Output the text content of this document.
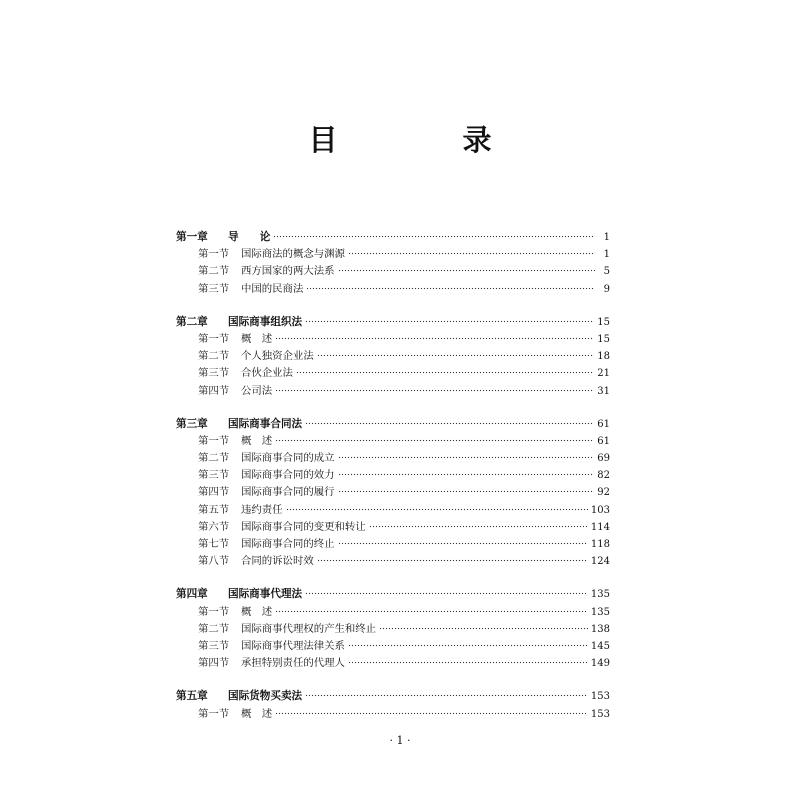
目　录
第一章	导　　论	1
第一节	国际商法的概念与渊源	1
第二节	西方国家的两大法系	5
第三节	中国的民商法	9
第二章	国际商事组织法	15
第一节	概　述	15
第二节	个人独资企业法	18
第三节	合伙企业法	21
第四节	公司法	31
第三章	国际商事合同法	61
第一节	概　述	61
第二节	国际商事合同的成立	69
第三节	国际商事合同的效力	82
第四节	国际商事合同的履行	92
第五节	违约责任	103
第六节	国际商事合同的变更和转让	114
第七节	国际商事合同的终止	118
第八节	合同的诉讼时效	124
第四章	国际商事代理法	135
第一节	概　述	135
第二节	国际商事代理权的产生和终止	138
第三节	国际商事代理法律关系	145
第四节	承担特别责任的代理人	149
第五章	国际货物买卖法	153
第一节	概　述	153
· 1 ·
